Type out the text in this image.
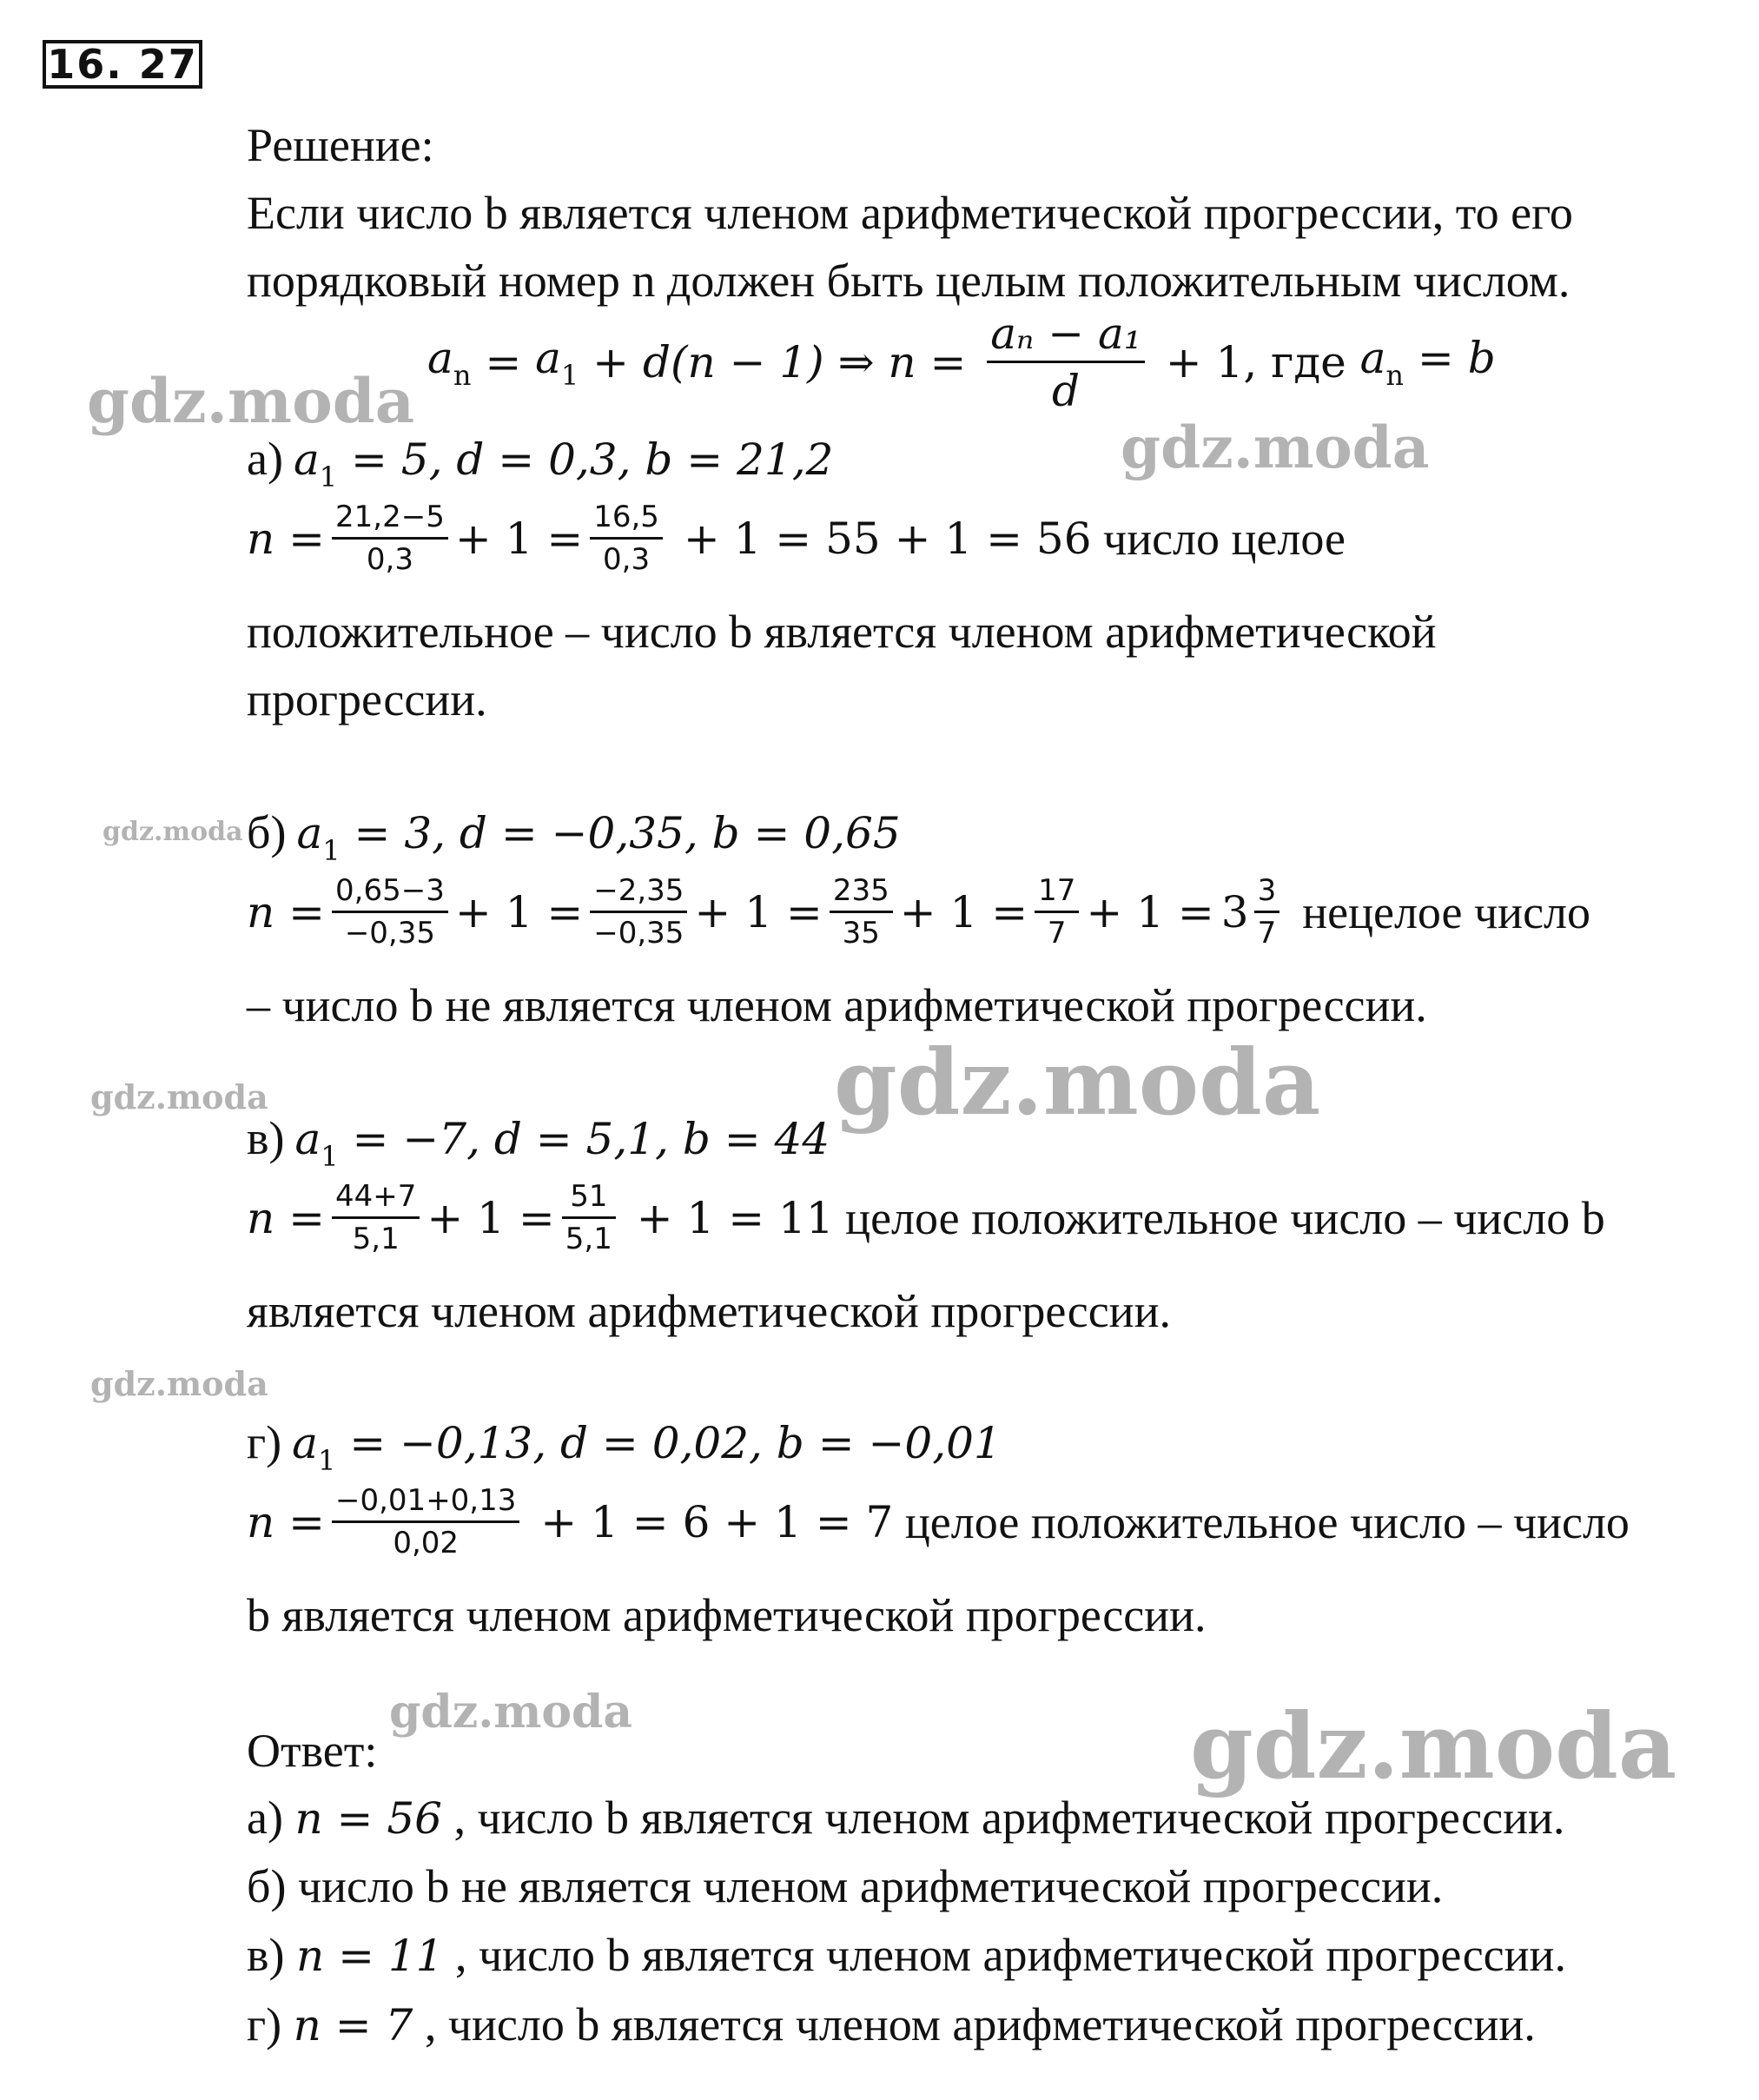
16. 27
Решение:
Если число b является членом арифметической прогрессии, то его
порядковый номер n должен быть целым положительным числом.
$a_n = a_1 + d(n - 1)$ ⇒ $n = \frac{\text{aₙ − a₁}}{d} + 1$, где $a_n = b$
а) $a_1 = 5$, d = 0,3, b = 21,2
$n = \frac{21,2-5}{0,3} + 1 = \frac{16,5}{0,3} + 1 = 55 + 1 = 56$ число целое
положительное – число b является членом арифметической
прогрессии.
б) $a_1 = 3$, d = −0,35, b = 0,65
$n = \frac{0,65-3}{-0,35} + 1 = \frac{-2,35}{-0,35} + 1 = \frac{235}{35} + 1 = \frac{17}{7} + 1 = 3 \frac{3}{7}$ нецелое число
– число b не является членом арифметической прогрессии.
в) $a_1 = -7$, d = 5,1, b = 44
$n = \frac{44+7}{5,1} + 1 = \frac{51}{5,1} + 1 = 11$ целое положительное число – число b
является членом арифметической прогрессии.
г) $a_1 = -0,13$, d = 0,02, b = −0,01
$n = \frac{-0,01+0,13}{0,02} + 1 = 6 + 1 = 7$ целое положительное число – число
b является членом арифметической прогрессии.
Ответ:
а) n = 56 , число b является членом арифметической прогрессии.
б) число b не является членом арифметической прогрессии.
в) n = 11 , число b является членом арифметической прогрессии.
г) n = 7 , число b является членом арифметической прогрессии.
gdz.moda
gdz.moda
gdz.moda
gdz.moda	gdz.moda
gdz.moda
gdz.moda	gdz.moda
